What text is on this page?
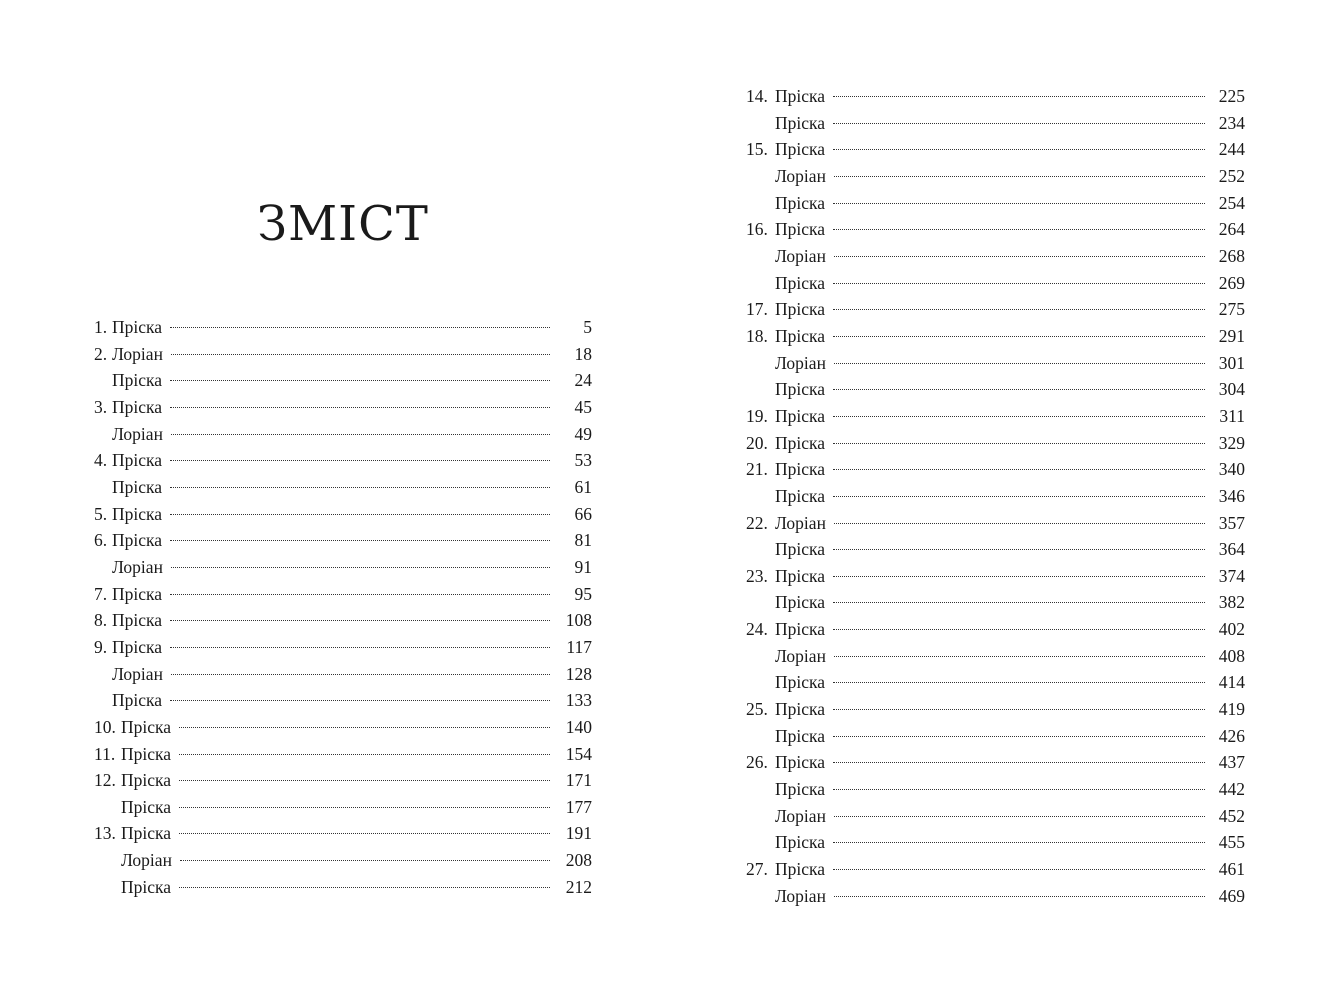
ЗМІСТ
1. Пріска	5
2. Лоріан	18
Пріска	24
3. Пріска	45
Лоріан	49
4. Пріска	53
Пріска	61
5. Пріска	66
6. Пріска	81
Лоріан	91
7. Пріска	95
8. Пріска	108
9. Пріска	117
Лоріан	128
Пріска	133
10. Пріска	140
11. Пріска	154
12. Пріска	171
Пріска	177
13. Пріска	191
Лоріан	208
Пріска	212
14. Пріска	225
Пріска	234
15. Пріска	244
Лоріан	252
Пріска	254
16. Пріска	264
Лоріан	268
Пріска	269
17. Пріска	275
18. Пріска	291
Лоріан	301
Пріска	304
19. Пріска	311
20. Пріска	329
21. Пріска	340
Пріска	346
22. Лоріан	357
Пріска	364
23. Пріска	374
Пріска	382
24. Пріска	402
Лоріан	408
Пріска	414
25. Пріска	419
Пріска	426
26. Пріска	437
Пріска	442
Лоріан	452
Пріска	455
27. Пріска	461
Лоріан	469
